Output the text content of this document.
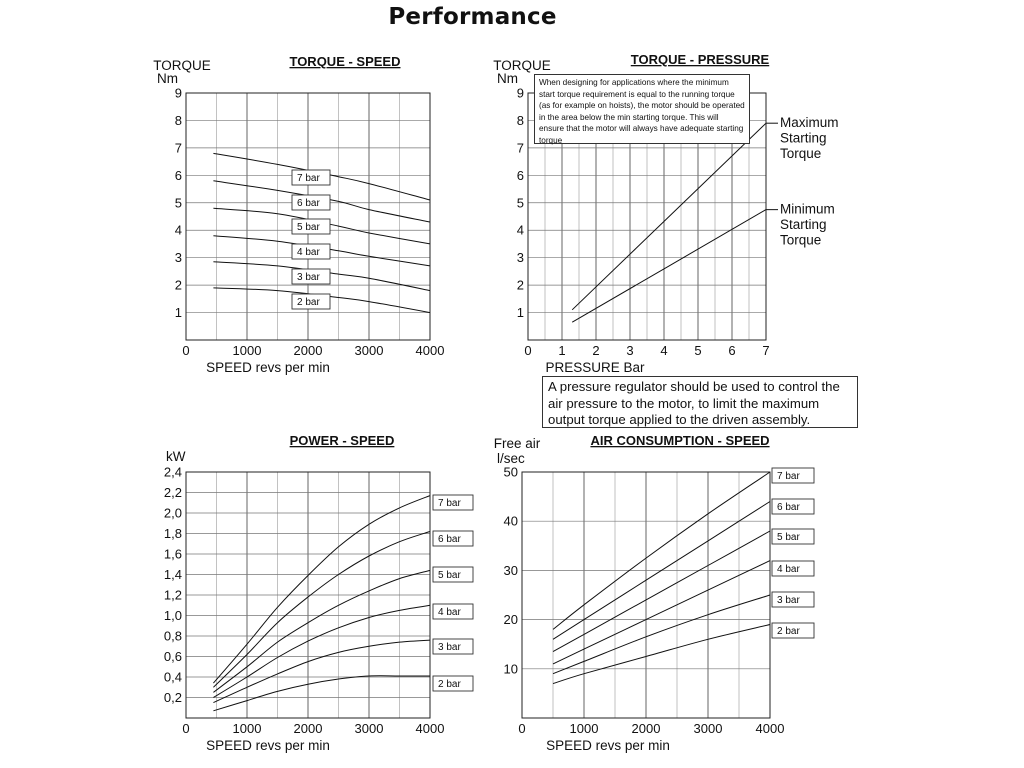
Performance
1
2
3
4
5
6
7
8
9
0	1000 2000 3000 4000
TORQUE - SPEED
TORQUE
Nm
SPEED revs per min
7 bar
6 bar
5 bar
4 bar
3 bar
2 bar
1
2
3
4
5
6
7
8
9
0 1 2 3 4 5 6 7
TORQUE - PRESSURE
TORQUE
Nm
PRESSURE Bar
Maximum Starting Torque
Minimum Starting Torque
0,2
0,4
0,6
0,8
1,0
1,2
1,4
1,6
1,8
2,0
2,2
2,4
0	1000 2000 3000 4000
POWER - SPEED
kW
SPEED revs per min
7 bar
6 bar
5 bar
4 bar
3 bar
2 bar
10
20
30
40
50
0	1000	2000	3000	4000
AIR CONSUMPTION - SPEED
Free air
l/sec
SPEED revs per min
7 bar
6 bar
5 bar
4 bar
3 bar
2 bar
When designing for applications where the minimum start torque requirement is equal to the running torque (as for example on hoists), the motor should be operated in the area below the min starting torque. This will ensure that the motor will always have adequate starting torque
A pressure regulator should be used to control the air pressure to the motor, to limit the maximum output torque applied to the driven assembly.
